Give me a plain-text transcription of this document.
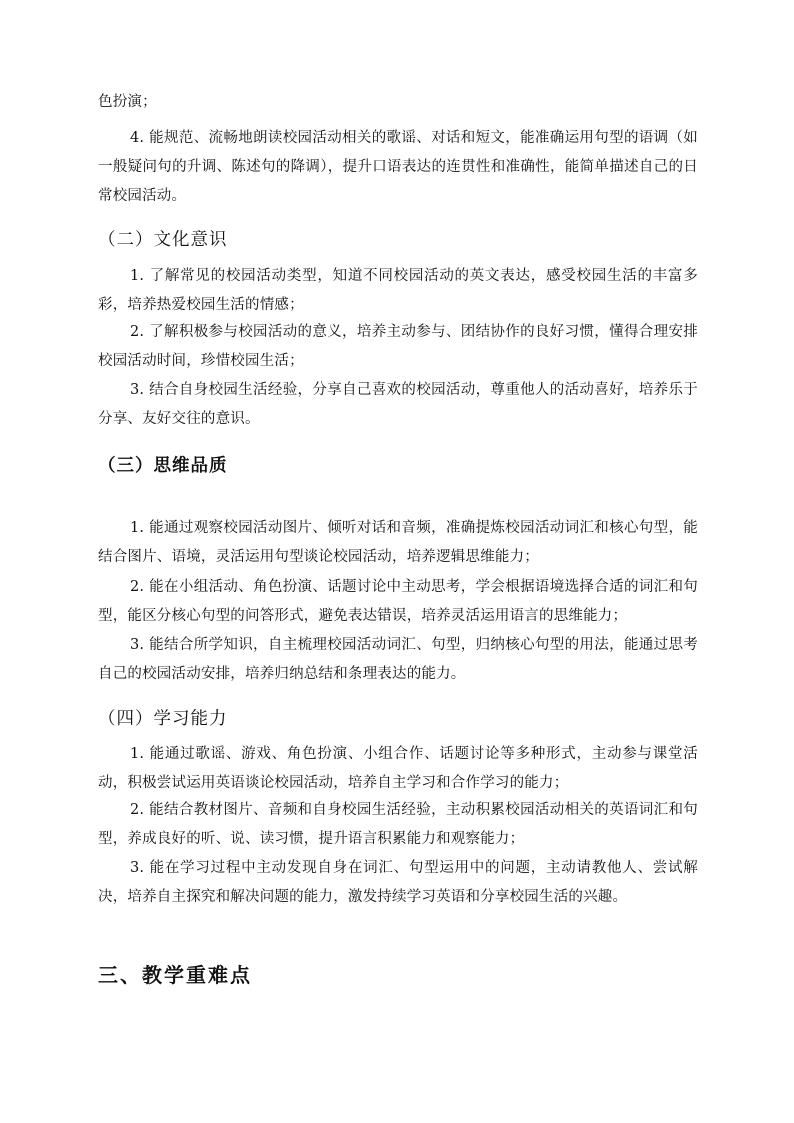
色扮演；

4. 能规范、流畅地朗读校园活动相关的歌谣、对话和短文，能准确运用句型的语调（如一般疑问句的升调、陈述句的降调），提升口语表达的连贯性和准确性，能简单描述自己的日常校园活动。

（二）文化意识

1. 了解常见的校园活动类型，知道不同校园活动的英文表达，感受校园生活的丰富多彩，培养热爱校园生活的情感；

2. 了解积极参与校园活动的意义，培养主动参与、团结协作的良好习惯，懂得合理安排校园活动时间，珍惜校园生活；

3. 结合自身校园生活经验，分享自己喜欢的校园活动，尊重他人的活动喜好，培养乐于分享、友好交往的意识。

（三）思维品质

1. 能通过观察校园活动图片、倾听对话和音频，准确提炼校园活动词汇和核心句型，能结合图片、语境，灵活运用句型谈论校园活动，培养逻辑思维能力；

2. 能在小组活动、角色扮演、话题讨论中主动思考，学会根据语境选择合适的词汇和句型，能区分核心句型的问答形式，避免表达错误，培养灵活运用语言的思维能力；

3. 能结合所学知识，自主梳理校园活动词汇、句型，归纳核心句型的用法，能通过思考自己的校园活动安排，培养归纳总结和条理表达的能力。

（四）学习能力

1. 能通过歌谣、游戏、角色扮演、小组合作、话题讨论等多种形式，主动参与课堂活动，积极尝试运用英语谈论校园活动，培养自主学习和合作学习的能力；

2. 能结合教材图片、音频和自身校园生活经验，主动积累校园活动相关的英语词汇和句型，养成良好的听、说、读习惯，提升语言积累能力和观察能力；

3. 能在学习过程中主动发现自身在词汇、句型运用中的问题，主动请教他人、尝试解决，培养自主探究和解决问题的能力，激发持续学习英语和分享校园生活的兴趣。

三、教学重难点
